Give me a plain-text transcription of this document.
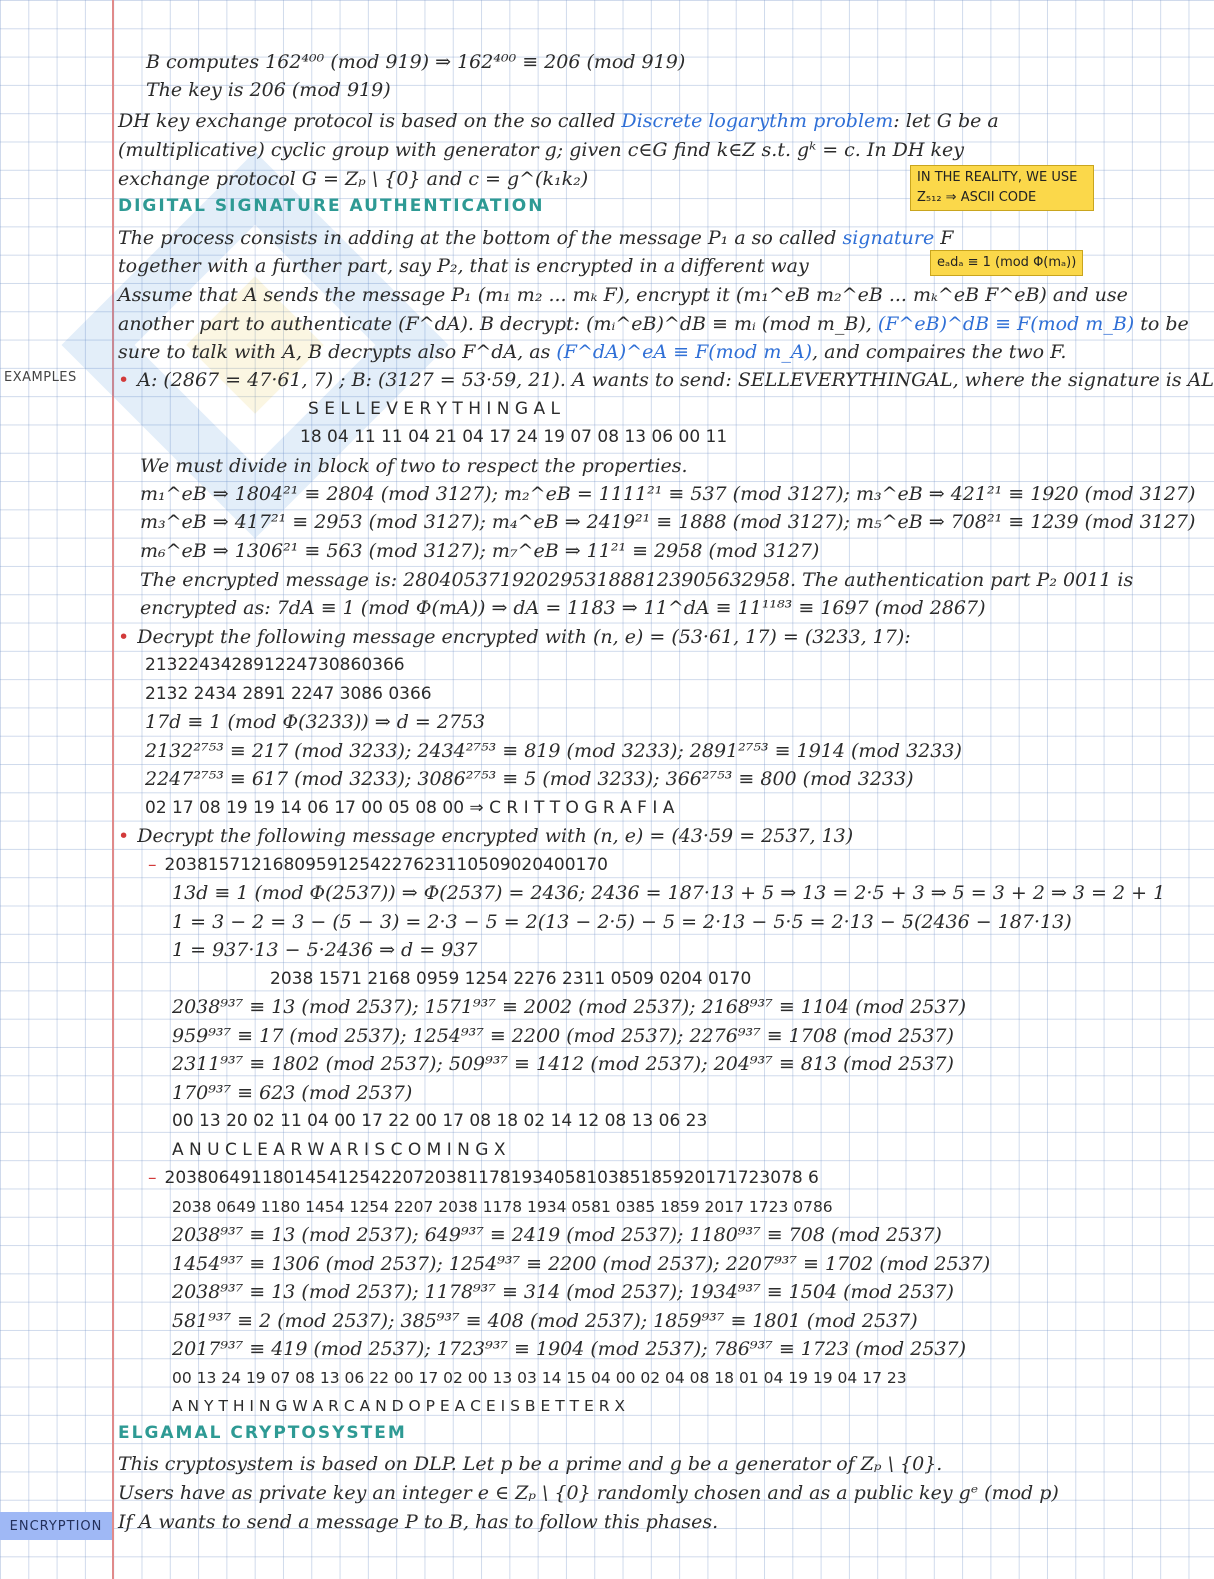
B computes 162⁴⁰⁰ (mod 919) ⇒ 162⁴⁰⁰ ≡ 206 (mod 919)
The key is 206 (mod 919)
DH key exchange protocol is based on the so called Discrete logarythm problem: let G be a
(multiplicative) cyclic group with generator g; given c∈G find k∈Z s.t. gᵏ = c. In DH key
exchange protocol G = Zₚ \ {0} and c = g^(k₁k₂)	IN THE REALITY, WE USE Z₅₁₂ ⇒ ASCII CODE
DIGITAL SIGNATURE AUTHENTICATION
The process consists in adding at the bottom of the message P₁ a so called signature F
together with a further part, say P₂, that is encrypted in a different way	eₐdₐ ≡ 1 (mod Φ(mₐ))
Assume that A sends the message P₁ (m₁ m₂ ... mₖ F), encrypt it (m₁^eB m₂^eB ... mₖ^eB F^eB) and use
another part to authenticate (F^dA). B decrypt: (mᵢ^eB)^dB ≡ mᵢ (mod m_B), (F^eB)^dB ≡ F(mod m_B) to be
sure to talk with A, B decrypts also F^dA, as (F^dA)^eA ≡ F(mod m_A), and compaires the two F.
EXAMPLES • A: (2867 = 47·61, 7) ; B: (3127 = 53·59, 21). A wants to send: SELLEVERYTHINGAL, where the signature is AL
S E L L E V E R Y T H I N G A L
18 04 11 11 04 21 04 17 24 19 07 08 13 06 00 11
We must divide in block of two to respect the properties.
m₁^eB ⇒ 1804²¹ ≡ 2804 (mod 3127); m₂^eB = 1111²¹ ≡ 537 (mod 3127); m₃^eB ⇒ 421²¹ ≡ 1920 (mod 3127)
m₃^eB ⇒ 417²¹ ≡ 2953 (mod 3127); m₄^eB ⇒ 2419²¹ ≡ 1888 (mod 3127); m₅^eB ⇒ 708²¹ ≡ 1239 (mod 3127)
m₆^eB ⇒ 1306²¹ ≡ 563 (mod 3127); m₇^eB ⇒ 11²¹ ≡ 2958 (mod 3127)
The encrypted message is: 28040537192029531888123905632958. The authentication part P₂ 0011 is
encrypted as: 7dA ≡ 1 (mod Φ(mA)) ⇒ dA = 1183 ⇒ 11^dA ≡ 11¹¹⁸³ ≡ 1697 (mod 2867)
• Decrypt the following message encrypted with (n, e) = (53·61, 17) = (3233, 17):
213224342891224730860366
2132 2434 2891 2247 3086 0366
17d ≡ 1 (mod Φ(3233)) ⇒ d = 2753
2132²⁷⁵³ ≡ 217 (mod 3233); 2434²⁷⁵³ ≡ 819 (mod 3233); 2891²⁷⁵³ ≡ 1914 (mod 3233)
2247²⁷⁵³ ≡ 617 (mod 3233); 3086²⁷⁵³ ≡ 5 (mod 3233); 366²⁷⁵³ ≡ 800 (mod 3233)
02 17 08 19 19 14 06 17 00 05 08 00 ⇒ C R I T T O G R A F I A
• Decrypt the following message encrypted with (n, e) = (43·59 = 2537, 13)
– 20381571216809591254227623110509020400170
13d ≡ 1 (mod Φ(2537)) ⇒ Φ(2537) = 2436; 2436 = 187·13 + 5 ⇒ 13 = 2·5 + 3 ⇒ 5 = 3 + 2 ⇒ 3 = 2 + 1
1 = 3 − 2 = 3 − (5 − 3) = 2·3 − 5 = 2(13 − 2·5) − 5 = 2·13 − 5·5 = 2·13 − 5(2436 − 187·13)
1 = 937·13 − 5·2436 ⇒ d = 937
2038 1571 2168 0959 1254 2276 2311 0509 0204 0170
2038⁹³⁷ ≡ 13 (mod 2537); 1571⁹³⁷ ≡ 2002 (mod 2537); 2168⁹³⁷ ≡ 1104 (mod 2537)
959⁹³⁷ ≡ 17 (mod 2537); 1254⁹³⁷ ≡ 2200 (mod 2537); 2276⁹³⁷ ≡ 1708 (mod 2537)
2311⁹³⁷ ≡ 1802 (mod 2537); 509⁹³⁷ ≡ 1412 (mod 2537); 204⁹³⁷ ≡ 813 (mod 2537)
170⁹³⁷ ≡ 623 (mod 2537)
00 13 20 02 11 04 00 17 22 00 17 08 18 02 14 12 08 13 06 23
A N U C L E A R W A R I S C O M I N G X
– 20380649118014541254220720381178193405810385185920171723078 6
2038 0649 1180 1454 1254 2207 2038 1178 1934 0581 0385 1859 2017 1723 0786
2038⁹³⁷ ≡ 13 (mod 2537); 649⁹³⁷ ≡ 2419 (mod 2537); 1180⁹³⁷ ≡ 708 (mod 2537)
1454⁹³⁷ ≡ 1306 (mod 2537); 1254⁹³⁷ ≡ 2200 (mod 2537); 2207⁹³⁷ ≡ 1702 (mod 2537)
2038⁹³⁷ ≡ 13 (mod 2537); 1178⁹³⁷ ≡ 314 (mod 2537); 1934⁹³⁷ ≡ 1504 (mod 2537)
581⁹³⁷ ≡ 2 (mod 2537); 385⁹³⁷ ≡ 408 (mod 2537); 1859⁹³⁷ ≡ 1801 (mod 2537)
2017⁹³⁷ ≡ 419 (mod 2537); 1723⁹³⁷ ≡ 1904 (mod 2537); 786⁹³⁷ ≡ 1723 (mod 2537)
00 13 24 19 07 08 13 06 22 00 17 02 00 13 03 14 15 04 00 02 04 08 18 01 04 19 19 04 17 23
A N Y T H I N G W A R C A N D O P E A C E I S B E T T E R X
ELGAMAL CRYPTOSYSTEM
This cryptosystem is based on DLP. Let p be a prime and g be a generator of Zₚ \ {0}.
Users have as private key an integer e ∈ Zₚ \ {0} randomly chosen and as a public key gᵉ (mod p)
If A wants to send a message P to B, has to follow this phases.
ENCRYPTION
